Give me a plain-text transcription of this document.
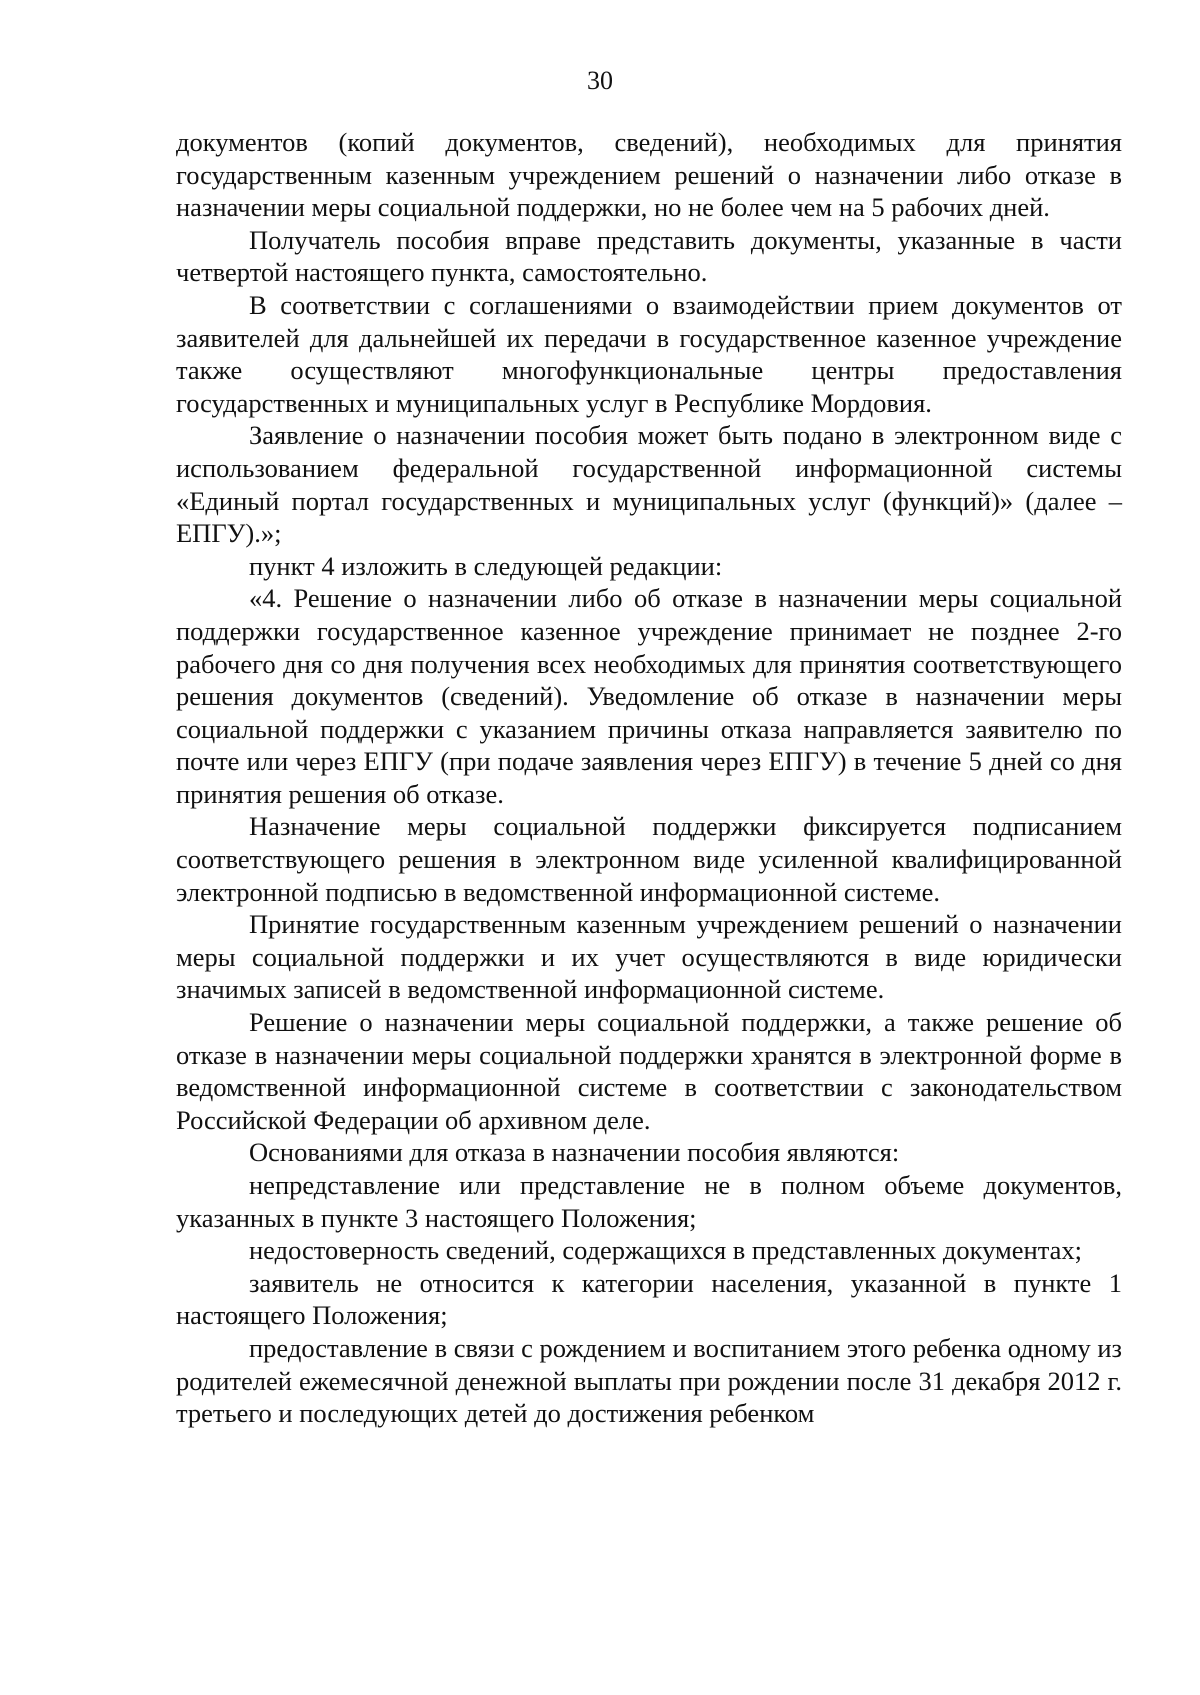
30

документов (копий документов, сведений), необходимых для принятия государственным казенным учреждением решений о назначении либо отказе в назначении меры социальной поддержки, но не более чем на 5 рабочих дней.

Получатель пособия вправе представить документы, указанные в части четвертой настоящего пункта, самостоятельно.

В соответствии с соглашениями о взаимодействии прием документов от заявителей для дальнейшей их передачи в государственное казенное учреждение также осуществляют многофункциональные центры предоставления государственных и муниципальных услуг в Республике Мордовия.

Заявление о назначении пособия может быть подано в электронном виде с использованием федеральной государственной информационной системы «Единый портал государственных и муниципальных услуг (функций)» (далее – ЕПГУ).»;

пункт 4 изложить в следующей редакции:

«4. Решение о назначении либо об отказе в назначении меры социальной поддержки государственное казенное учреждение принимает не позднее 2-го рабочего дня со дня получения всех необходимых для принятия соответствующего решения документов (сведений). Уведомление об отказе в назначении меры социальной поддержки с указанием причины отказа направляется заявителю по почте или через ЕПГУ (при подаче заявления через ЕПГУ) в течение 5 дней со дня принятия решения об отказе.

Назначение меры социальной поддержки фиксируется подписанием соответствующего решения в электронном виде усиленной квалифицированной электронной подписью в ведомственной информационной системе.

Принятие государственным казенным учреждением решений о назначении меры социальной поддержки и их учет осуществляются в виде юридически значимых записей в ведомственной информационной системе.

Решение о назначении меры социальной поддержки, а также решение об отказе в назначении меры социальной поддержки хранятся в электронной форме в ведомственной информационной системе в соответствии с законодательством Российской Федерации об архивном деле.

Основаниями для отказа в назначении пособия являются:

непредставление или представление не в полном объеме документов, указанных в пункте 3 настоящего Положения;

недостоверность сведений, содержащихся в представленных документах;

заявитель не относится к категории населения, указанной в пункте 1 настоящего Положения;

предоставление в связи с рождением и воспитанием этого ребенка одному из родителей ежемесячной денежной выплаты при рождении после 31 декабря 2012 г. третьего и последующих детей до достижения ребенком
